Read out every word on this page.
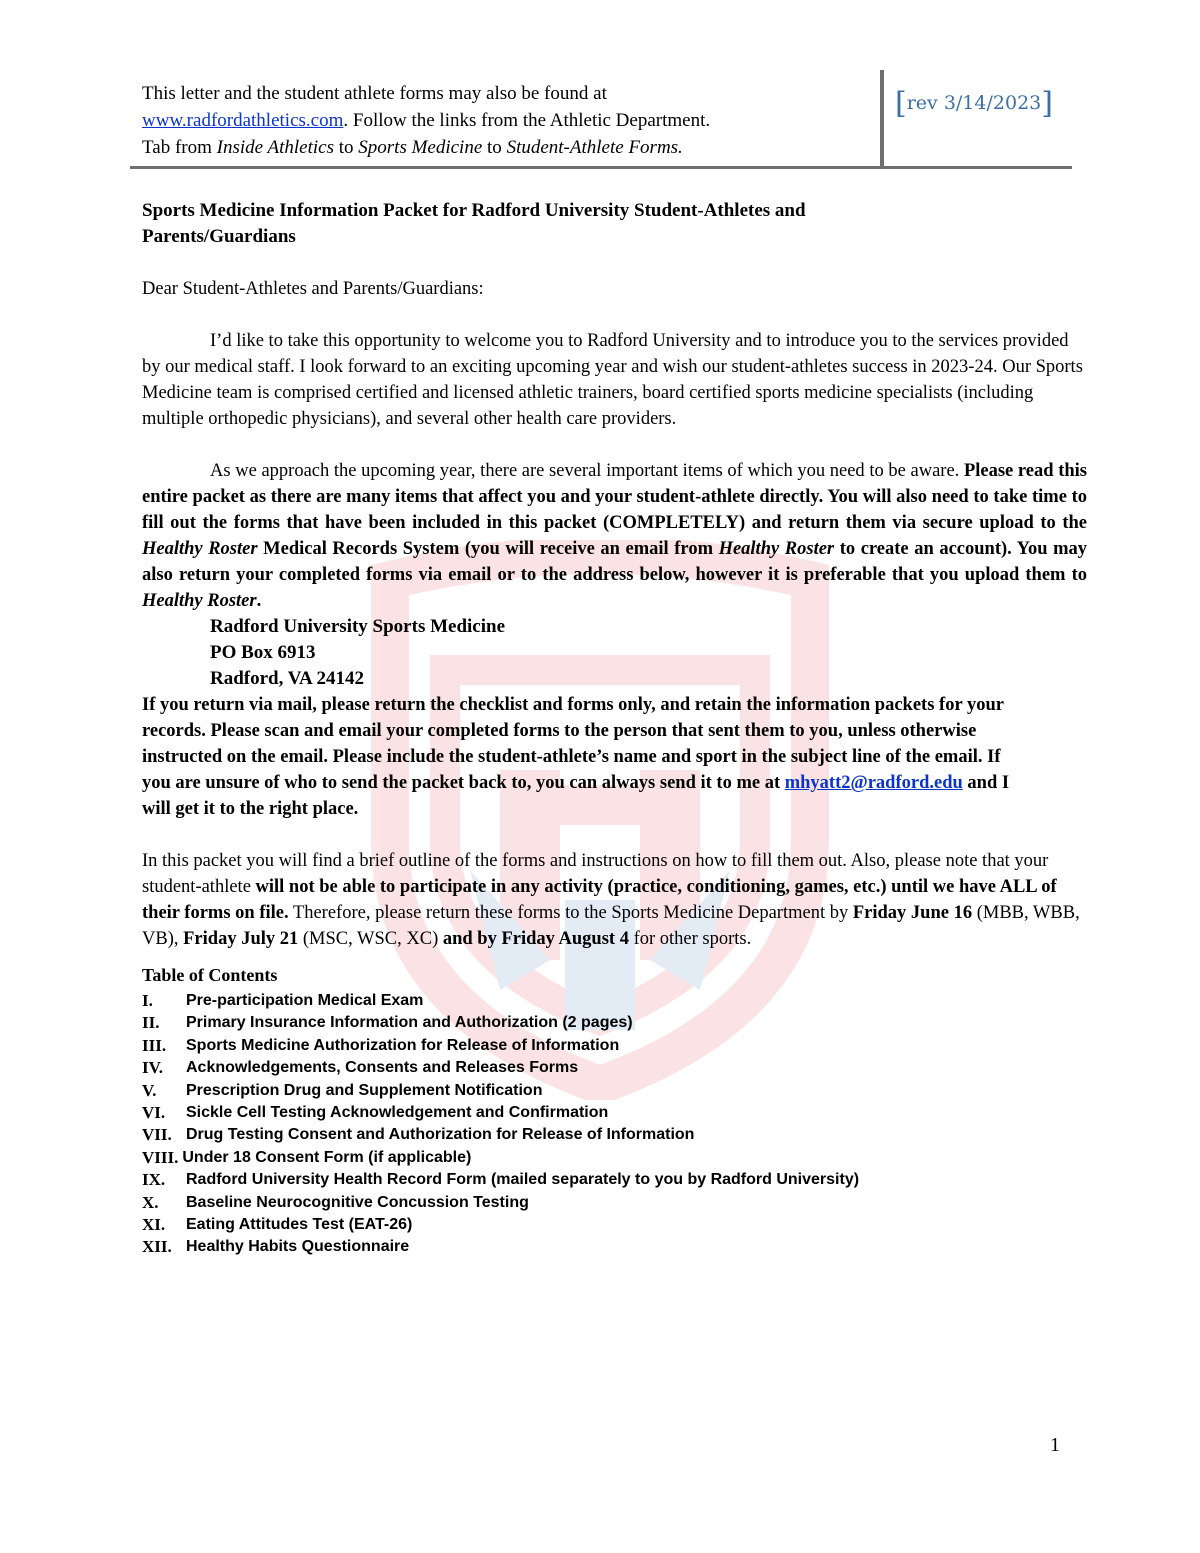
This letter and the student athlete forms may also be found at
www.radfordathletics.com. Follow the links from the Athletic Department.
Tab from Inside Athletics to Sports Medicine to Student-Athlete Forms.
[rev 3/14/2023]

Sports Medicine Information Packet for Radford University Student-Athletes and Parents/Guardians

Dear Student-Athletes and Parents/Guardians:

I’d like to take this opportunity to welcome you to Radford University and to introduce you to the services provided by our medical staff. I look forward to an exciting upcoming year and wish our student-athletes success in 2023-24. Our Sports Medicine team is comprised certified and licensed athletic trainers, board certified sports medicine specialists (including multiple orthopedic physicians), and several other health care providers.

As we approach the upcoming year, there are several important items of which you need to be aware. Please read this entire packet as there are many items that affect you and your student-athlete directly. You will also need to take time to fill out the forms that have been included in this packet (COMPLETELY) and return them via secure upload to the Healthy Roster Medical Records System (you will receive an email from Healthy Roster to create an account). You may also return your completed forms via email or to the address below, however it is preferable that you upload them to Healthy Roster.

Radford University Sports Medicine
PO Box 6913
Radford, VA 24142

If you return via mail, please return the checklist and forms only, and retain the information packets for your records. Please scan and email your completed forms to the person that sent them to you, unless otherwise instructed on the email. Please include the student-athlete’s name and sport in the subject line of the email. If you are unsure of who to send the packet back to, you can always send it to me at mhyatt2@radford.edu and I will get it to the right place.

In this packet you will find a brief outline of the forms and instructions on how to fill them out. Also, please note that your student-athlete will not be able to participate in any activity (practice, conditioning, games, etc.) until we have ALL of their forms on file. Therefore, please return these forms to the Sports Medicine Department by Friday June 16 (MBB, WBB, VB), Friday July 21 (MSC, WSC, XC) and by Friday August 4 for other sports.

Table of Contents
I.	Pre-participation Medical Exam
II.	Primary Insurance Information and Authorization (2 pages)
III.	Sports Medicine Authorization for Release of Information
IV.	Acknowledgements, Consents and Releases Forms
V.	Prescription Drug and Supplement Notification
VI.	Sickle Cell Testing Acknowledgement and Confirmation
VII. Drug Testing Consent and Authorization for Release of Information
VIII. Under 18 Consent Form (if applicable)
IX.	Radford University Health Record Form (mailed separately to you by Radford University)
X.	Baseline Neurocognitive Concussion Testing
XI.	Eating Attitudes Test (EAT-26)
XII. Healthy Habits Questionnaire
1
